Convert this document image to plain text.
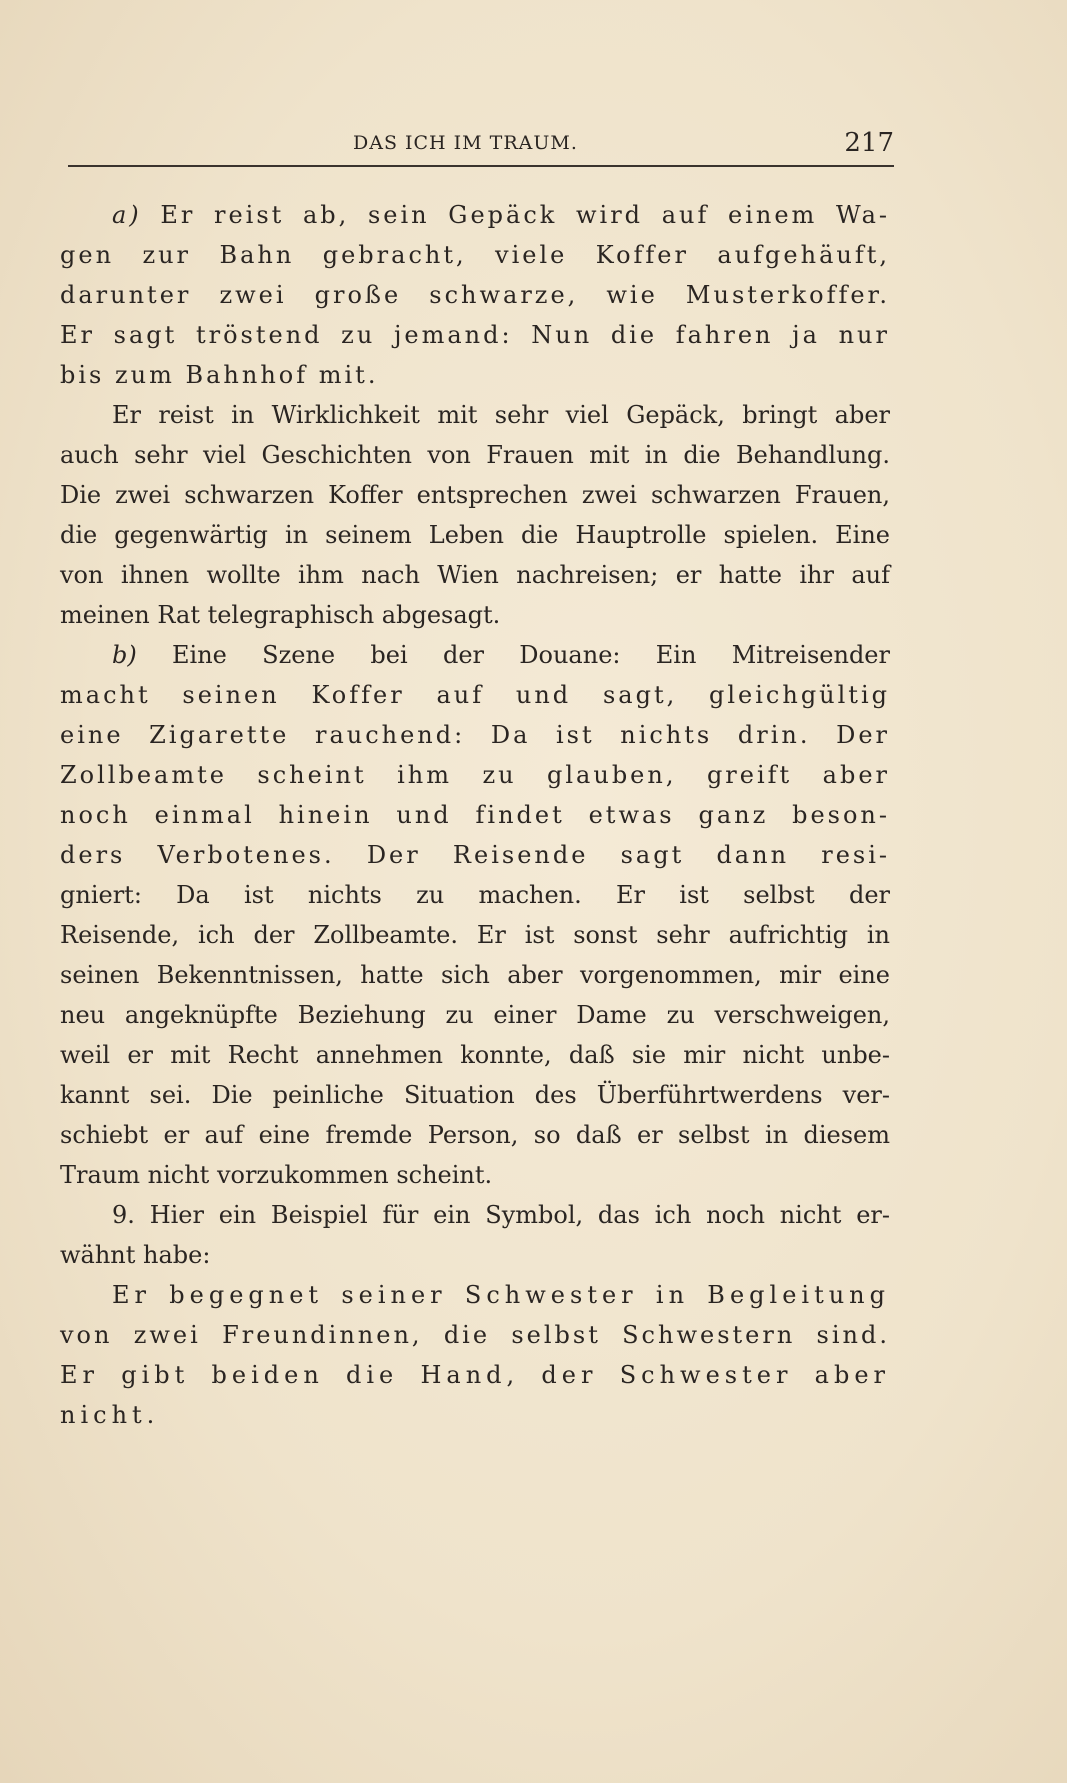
DAS ICH IM TRAUM.	217
a) Er reist ab, sein Gepäck wird auf einem Wa-
gen zur Bahn gebracht, viele Koffer aufgehäuft,
darunter zwei große schwarze, wie Musterkoffer.
Er sagt tröstend zu jemand: Nun die fahren ja nur
bis zum Bahnhof mit.
Er reist in Wirklichkeit mit sehr viel Gepäck, bringt aber
auch sehr viel Geschichten von Frauen mit in die Behandlung.
Die zwei schwarzen Koffer entsprechen zwei schwarzen Frauen,
die gegenwärtig in seinem Leben die Hauptrolle spielen. Eine
von ihnen wollte ihm nach Wien nachreisen; er hatte ihr auf
meinen Rat telegraphisch abgesagt.
b) Eine Szene bei der Douane: Ein Mitreisender
macht seinen Koffer auf und sagt, gleichgültig
eine Zigarette rauchend: Da ist nichts drin. Der
Zollbeamte scheint ihm zu glauben, greift aber
noch einmal hinein und findet etwas ganz beson-
ders Verbotenes. Der Reisende sagt dann resi-
gniert: Da ist nichts zu machen. Er ist selbst der
Reisende, ich der Zollbeamte. Er ist sonst sehr aufrichtig in
seinen Bekenntnissen, hatte sich aber vorgenommen, mir eine
neu angeknüpfte Beziehung zu einer Dame zu verschweigen,
weil er mit Recht annehmen konnte, daß sie mir nicht unbe-
kannt sei. Die peinliche Situation des Überführtwerdens ver-
schiebt er auf eine fremde Person, so daß er selbst in diesem
Traum nicht vorzukommen scheint.
9. Hier ein Beispiel für ein Symbol, das ich noch nicht er-
wähnt habe:
Er begegnet seiner Schwester in Begleitung
von zwei Freundinnen, die selbst Schwestern sind.
Er gibt beiden die Hand, der Schwester aber
nicht.
